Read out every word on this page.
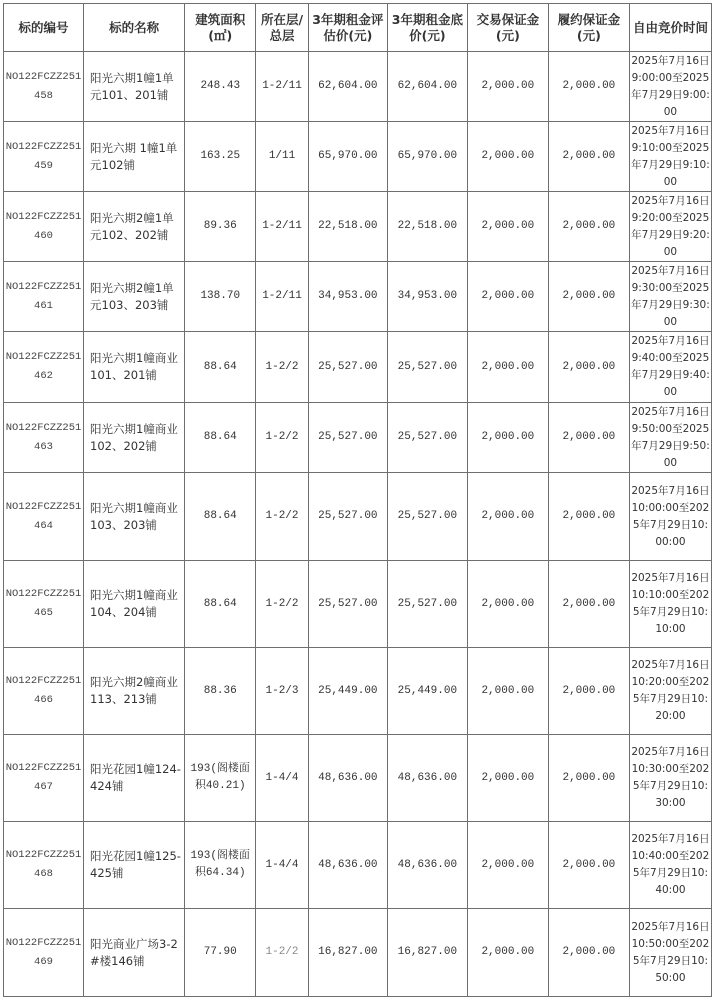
标的编号	标的名称	建筑面积(㎡)	所在层/总层	3年期租金评估价(元)	3年期租金底价(元)	交易保证金(元)	履约保证金(元)	自由竞价时间

NO122FCZZ251458	阳光六期1幢1单元101、201铺	248.43	1-2/11	62,604.00	62,604.00	2,000.00	2,000.00	2025年7月16日9:00:00至2025年7月29日9:00:00

NO122FCZZ251459	阳光六期 1幢1单元102铺	163.25	1/11	65,970.00	65,970.00	2,000.00	2,000.00	2025年7月16日9:10:00至2025年7月29日9:10:00

NO122FCZZ251460	阳光六期2幢1单元102、202铺	89.36	1-2/11	22,518.00	22,518.00	2,000.00	2,000.00	2025年7月16日9:20:00至2025年7月29日9:20:00

NO122FCZZ251461	阳光六期2幢1单元103、203铺	138.70	1-2/11	34,953.00	34,953.00	2,000.00	2,000.00	2025年7月16日9:30:00至2025年7月29日9:30:00

NO122FCZZ251462	阳光六期1幢商业101、201铺	88.64	1-2/2	25,527.00	25,527.00	2,000.00	2,000.00	2025年7月16日9:40:00至2025年7月29日9:40:00

NO122FCZZ251463	阳光六期1幢商业102、202铺	88.64	1-2/2	25,527.00	25,527.00	2,000.00	2,000.00	2025年7月16日9:50:00至2025年7月29日9:50:00

NO122FCZZ251464	阳光六期1幢商业103、203铺	88.64	1-2/2	25,527.00	25,527.00	2,000.00	2,000.00	2025年7月16日10:00:00至2025年7月29日10:00:00

NO122FCZZ251465	阳光六期1幢商业104、204铺	88.64	1-2/2	25,527.00	25,527.00	2,000.00	2,000.00	2025年7月16日10:10:00至2025年7月29日10:10:00

NO122FCZZ251466	阳光六期2幢商业113、213铺	88.36	1-2/3	25,449.00	25,449.00	2,000.00	2,000.00	2025年7月16日10:20:00至2025年7月29日10:20:00

NO122FCZZ251467	阳光花园1幢124-424铺	193(阁楼面积40.21)	1-4/4	48,636.00	48,636.00	2,000.00	2,000.00	2025年7月16日10:30:00至2025年7月29日10:30:00

NO122FCZZ251468	阳光花园1幢125-425铺	193(阁楼面积64.34)	1-4/4	48,636.00	48,636.00	2,000.00	2,000.00	2025年7月16日10:40:00至2025年7月29日10:40:00

NO122FCZZ251469	阳光商业广场3-2#楼146铺	77.90	1-2/2	16,827.00	16,827.00	2,000.00	2,000.00	2025年7月16日10:50:00至2025年7月29日10:50:00
